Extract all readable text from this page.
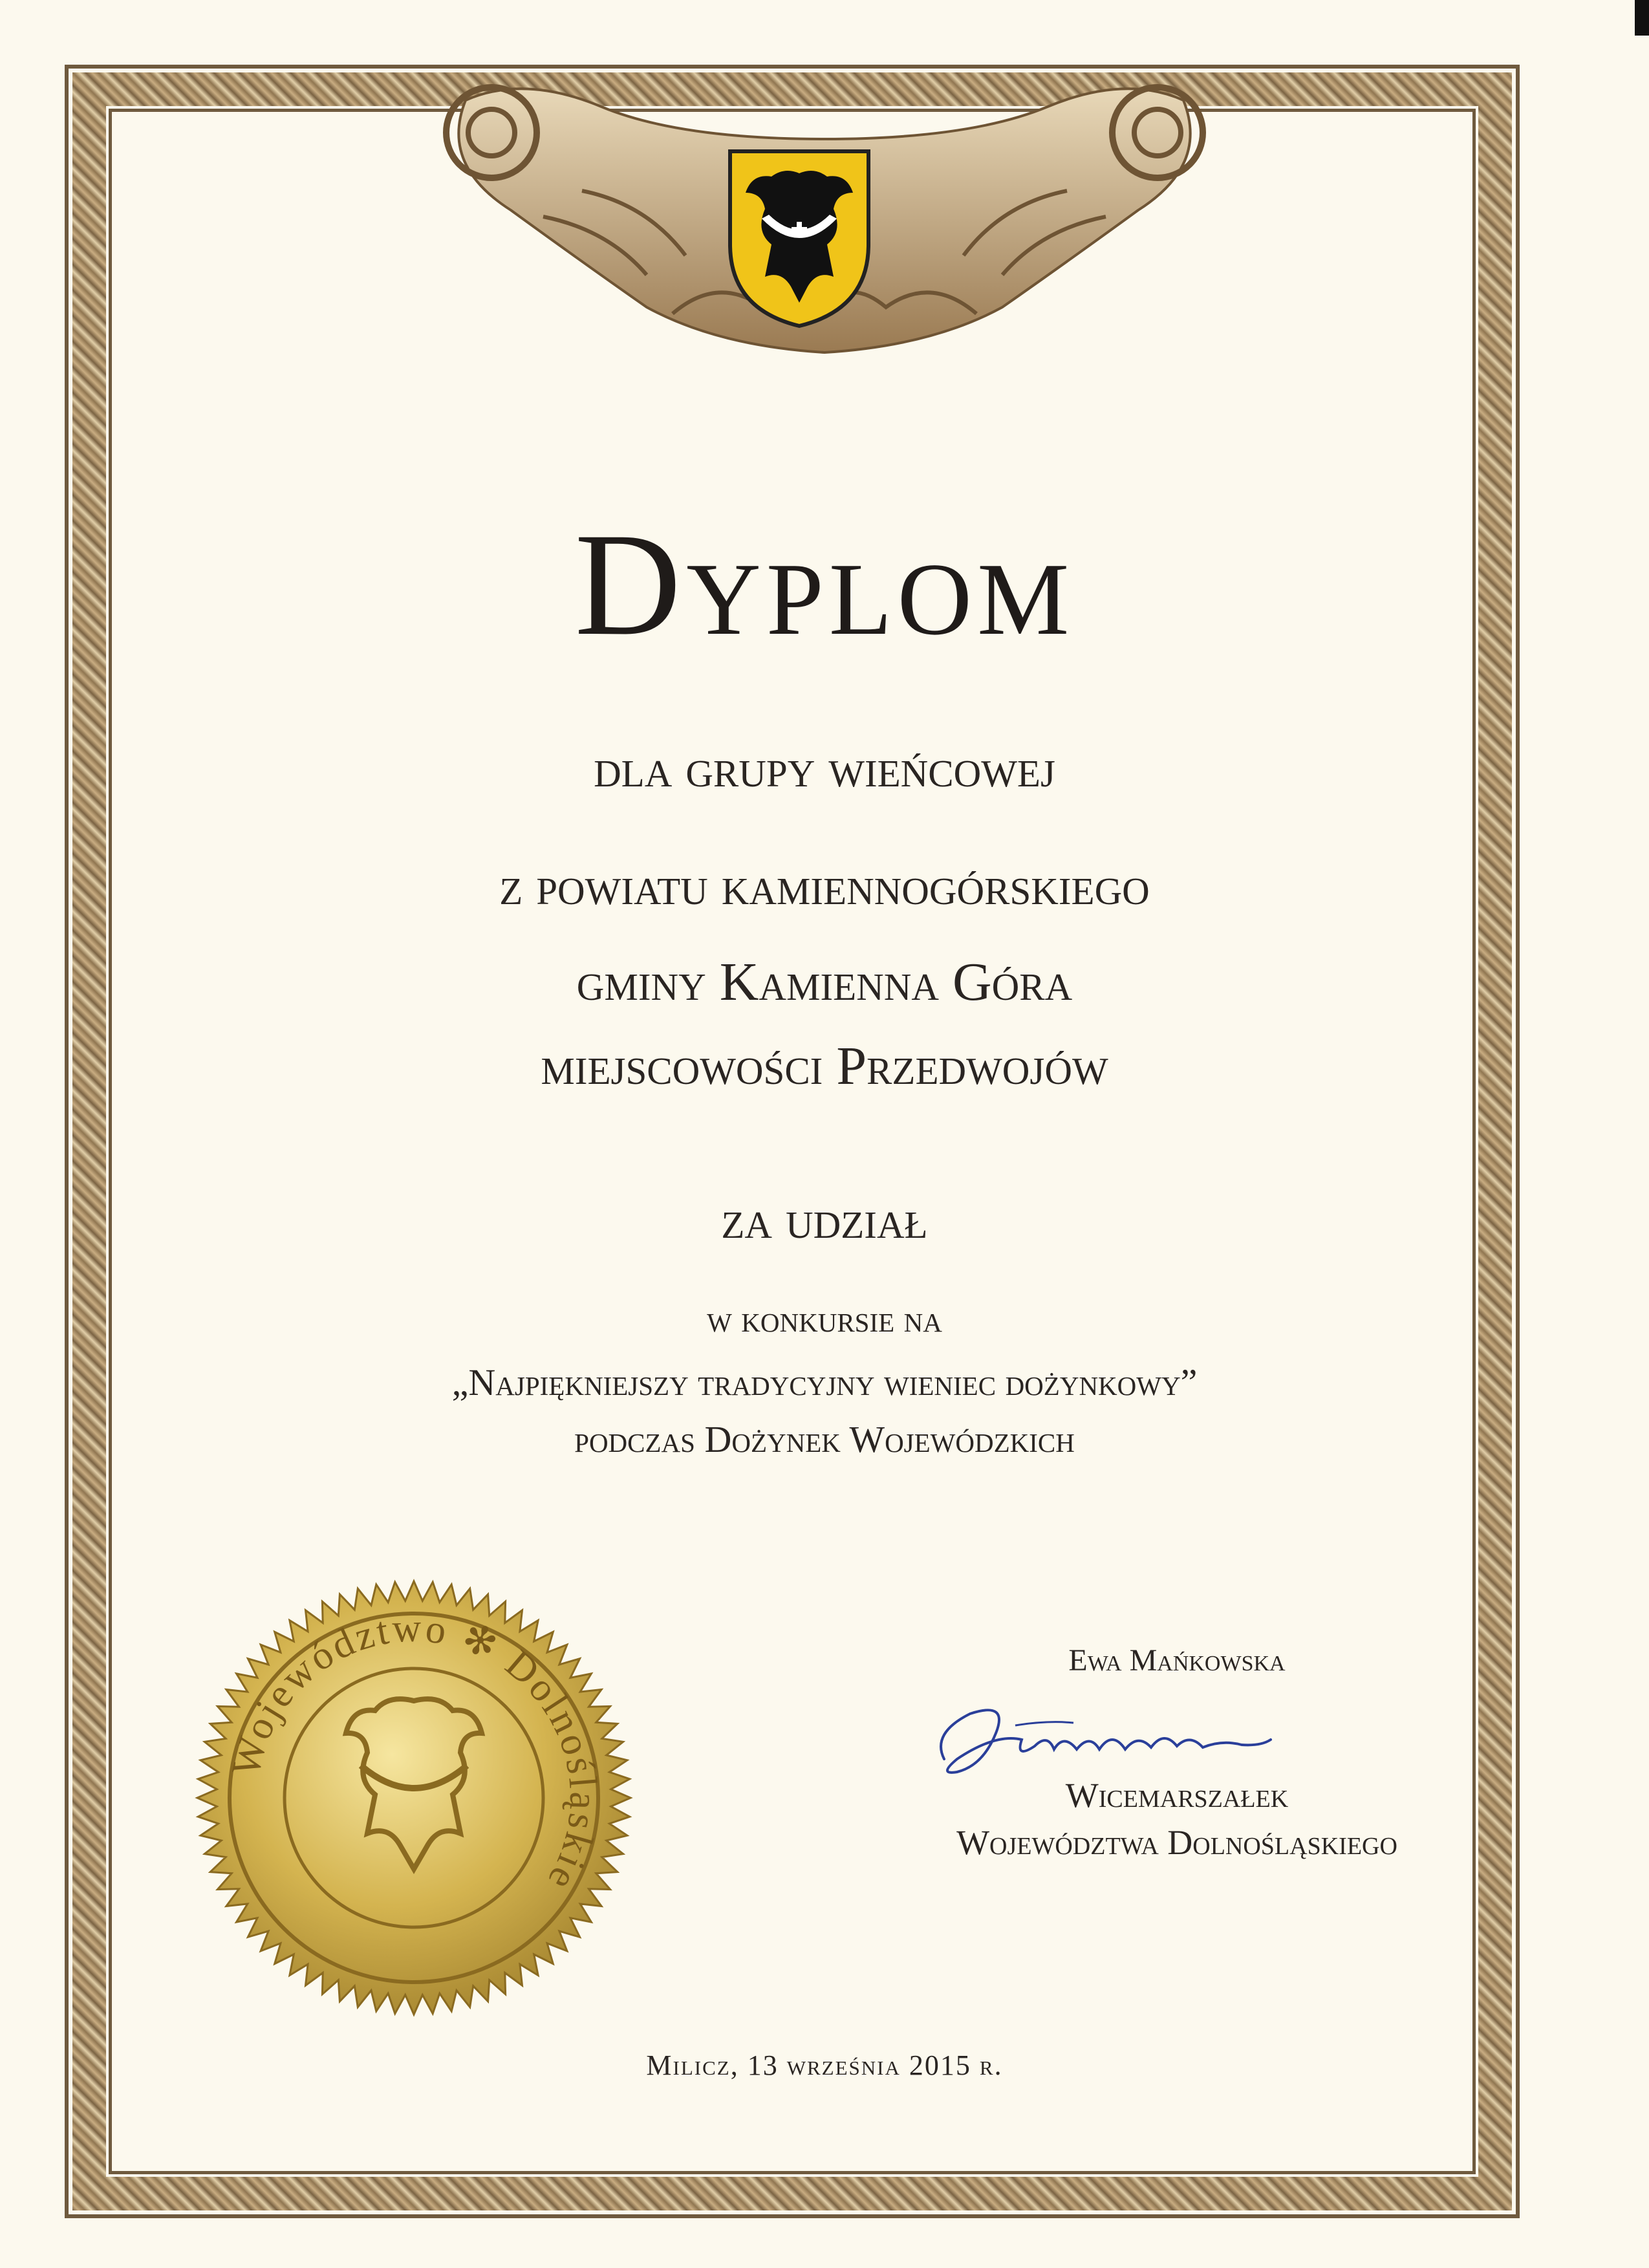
Dyplom
dla grupy wieńcowej
z powiatu kamiennogórskiego
gminy Kamienna Góra
miejscowości Przedwojów
za udział
w konkursie na
„Najpiękniejszy tradycyjny wieniec dożynkowy”
podczas Dożynek Wojewódzkich
Województwo ✻ Dolnośląskie
Ewa Mańkowska
Wicemarszałek
Województwa Dolnośląskiego
Milicz, 13 września 2015 r.
